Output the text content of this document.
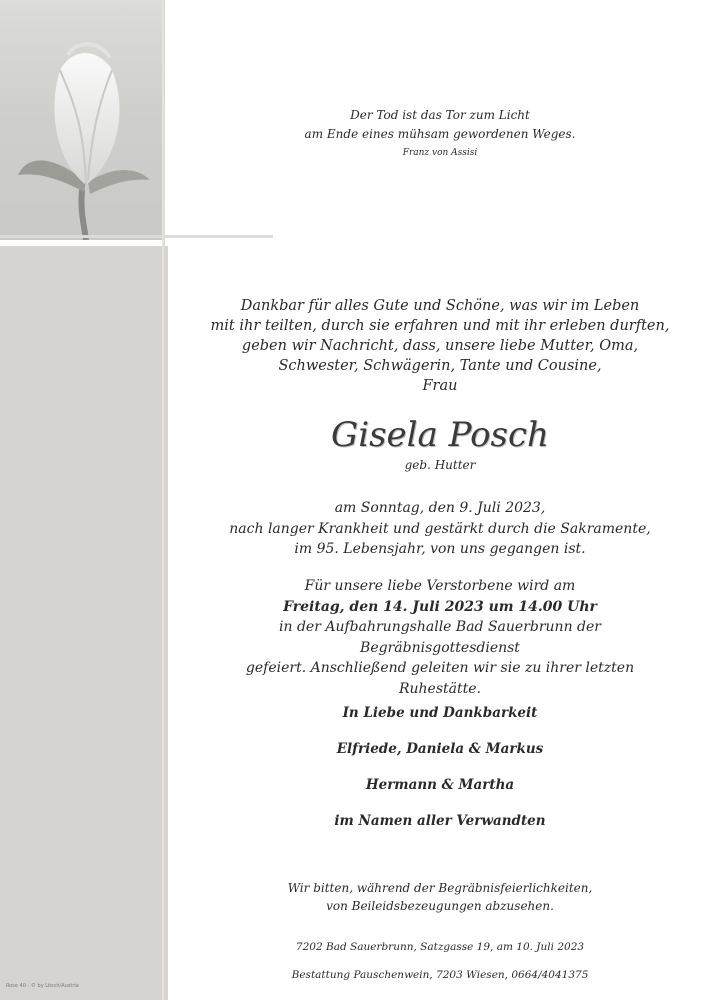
Rose 40 - © by Lösch/Austria
Der Tod ist das Tor zum Licht
am Ende eines mühsam gewordenen Weges.
Franz von Assisi
Dankbar für alles Gute und Schöne, was wir im Leben
mit ihr teilten, durch sie erfahren und mit ihr erleben durften,
geben wir Nachricht, dass, unsere liebe Mutter, Oma,
Schwester, Schwägerin, Tante und Cousine,
Frau
Gisela Posch
geb. Hutter
am Sonntag, den 9. Juli 2023,
nach langer Krankheit und gestärkt durch die Sakramente,
im 95. Lebensjahr, von uns gegangen ist.
Für unsere liebe Verstorbene wird am
Freitag, den 14. Juli 2023 um 14.00 Uhr
in der Aufbahrungshalle Bad Sauerbrunn der Begräbnisgottesdienst
gefeiert. Anschließend geleiten wir sie zu ihrer letzten Ruhestätte.
In Liebe und Dankbarkeit
Elfriede, Daniela & Markus
Hermann & Martha
im Namen aller Verwandten
Wir bitten, während der Begräbnisfeierlichkeiten,
von Beileidsbezeugungen abzusehen.
7202 Bad Sauerbrunn, Satzgasse 19, am 10. Juli 2023
Bestattung Pauschenwein, 7203 Wiesen, 0664/4041375
